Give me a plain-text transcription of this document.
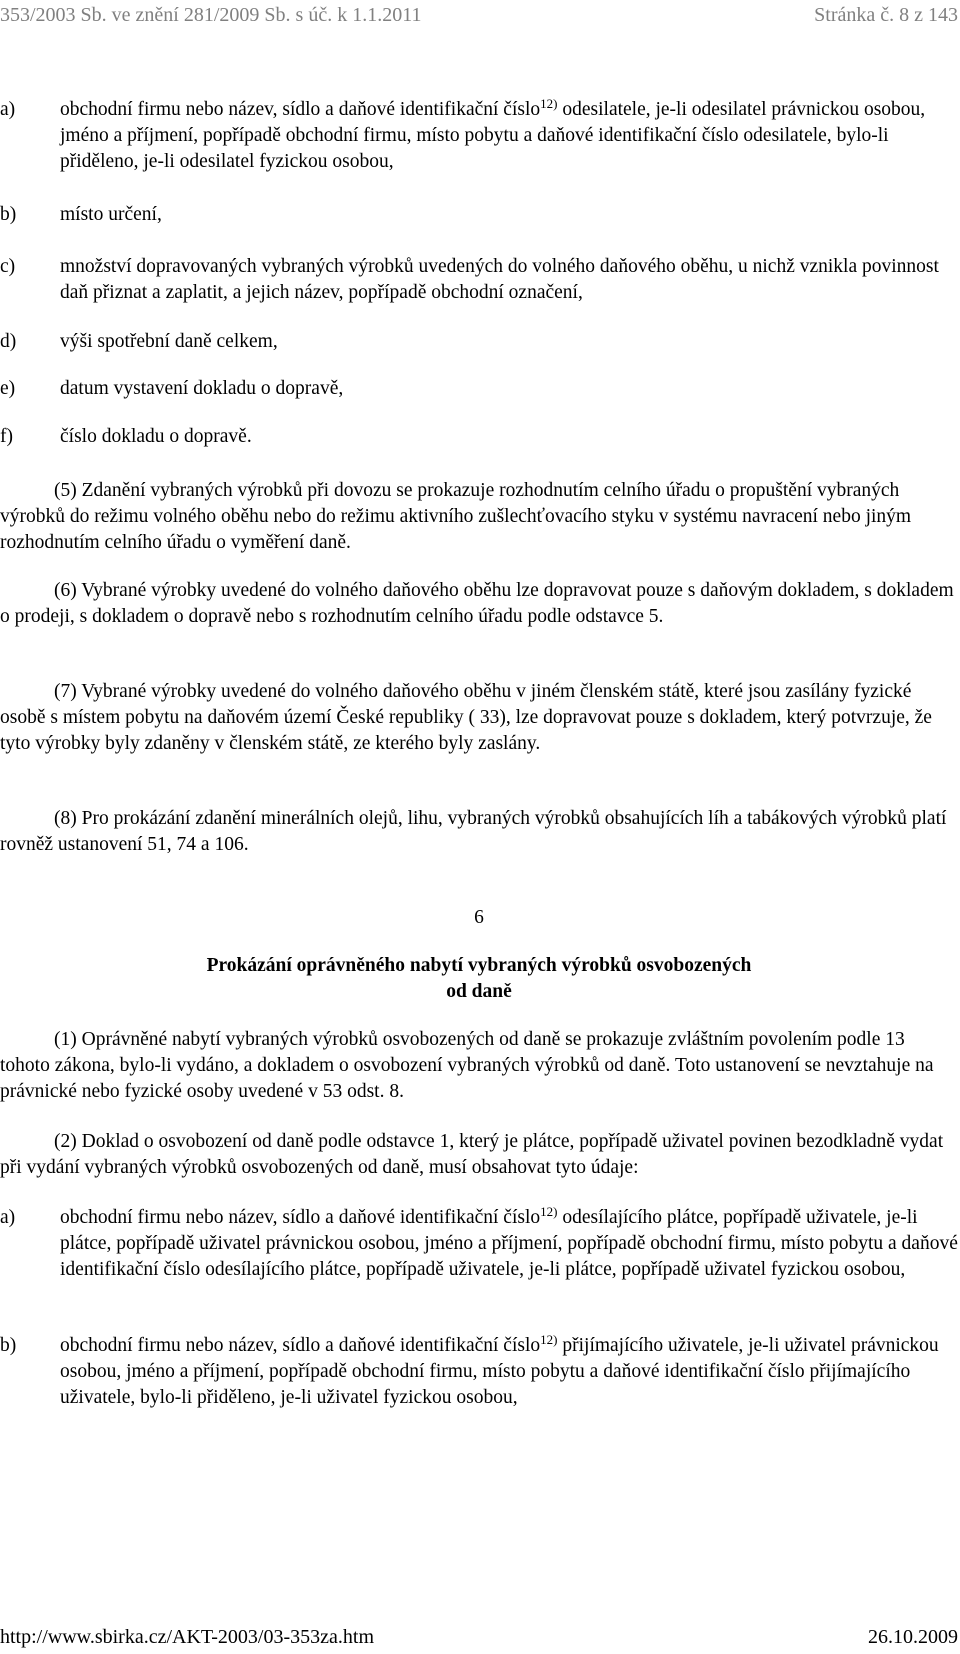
353/2003 Sb. ve znění 281/2009 Sb. s úč. k 1.1.2011	Stránka č. 8 z 143
a) obchodní firmu nebo název, sídlo a daňové identifikační číslo$^{12)}$ odesilatele, je-li odesilatel právnickou osobou, jméno a příjmení, popřípadě obchodní firmu, místo pobytu a daňové identifikační číslo odesilatele, bylo-li přiděleno, je-li odesilatel fyzickou osobou,
b) místo určení,
c) množství dopravovaných vybraných výrobků uvedených do volného daňového oběhu, u nichž vznikla povinnost daň přiznat a zaplatit, a jejich název, popřípadě obchodní označení,
d) výši spotřební daně celkem,
e) datum vystavení dokladu o dopravě,
f) číslo dokladu o dopravě.
(5) Zdanění vybraných výrobků při dovozu se prokazuje rozhodnutím celního úřadu o propuštění vybraných výrobků do režimu volného oběhu nebo do režimu aktivního zušlechťovacího styku v systému navracení nebo jiným rozhodnutím celního úřadu o vyměření daně.
(6) Vybrané výrobky uvedené do volného daňového oběhu lze dopravovat pouze s daňovým dokladem, s dokladem o prodeji, s dokladem o dopravě nebo s rozhodnutím celního úřadu podle odstavce 5.
(7) Vybrané výrobky uvedené do volného daňového oběhu v jiném členském státě, které jsou zasílány fyzické osobě s místem pobytu na daňovém území České republiky ( 33), lze dopravovat pouze s dokladem, který potvrzuje, že tyto výrobky byly zdaněny v členském státě, ze kterého byly zaslány.
(8) Pro prokázání zdanění minerálních olejů, lihu, vybraných výrobků obsahujících líh a tabákových výrobků platí rovněž ustanovení 51, 74 a 106.
6
Prokázání oprávněného nabytí vybraných výrobků osvobozených
od daně
(1) Oprávněné nabytí vybraných výrobků osvobozených od daně se prokazuje zvláštním povolením podle 13 tohoto zákona, bylo-li vydáno, a dokladem o osvobození vybraných výrobků od daně. Toto ustanovení se nevztahuje na právnické nebo fyzické osoby uvedené v 53 odst. 8.
(2) Doklad o osvobození od daně podle odstavce 1, který je plátce, popřípadě uživatel povinen bezodkladně vydat při vydání vybraných výrobků osvobozených od daně, musí obsahovat tyto údaje:
a) obchodní firmu nebo název, sídlo a daňové identifikační číslo$^{12)}$ odesílajícího plátce, popřípadě uživatele, je-li plátce, popřípadě uživatel právnickou osobou, jméno a příjmení, popřípadě obchodní firmu, místo pobytu a daňové identifikační číslo odesílajícího plátce, popřípadě uživatele, je-li plátce, popřípadě uživatel fyzickou osobou,
b) obchodní firmu nebo název, sídlo a daňové identifikační číslo$^{12)}$ přijímajícího uživatele, je-li uživatel právnickou osobou, jméno a příjmení, popřípadě obchodní firmu, místo pobytu a daňové identifikační číslo přijímajícího uživatele, bylo-li přiděleno, je-li uživatel fyzickou osobou,
http://www.sbirka.cz/AKT-2003/03-353za.htm	26.10.2009
